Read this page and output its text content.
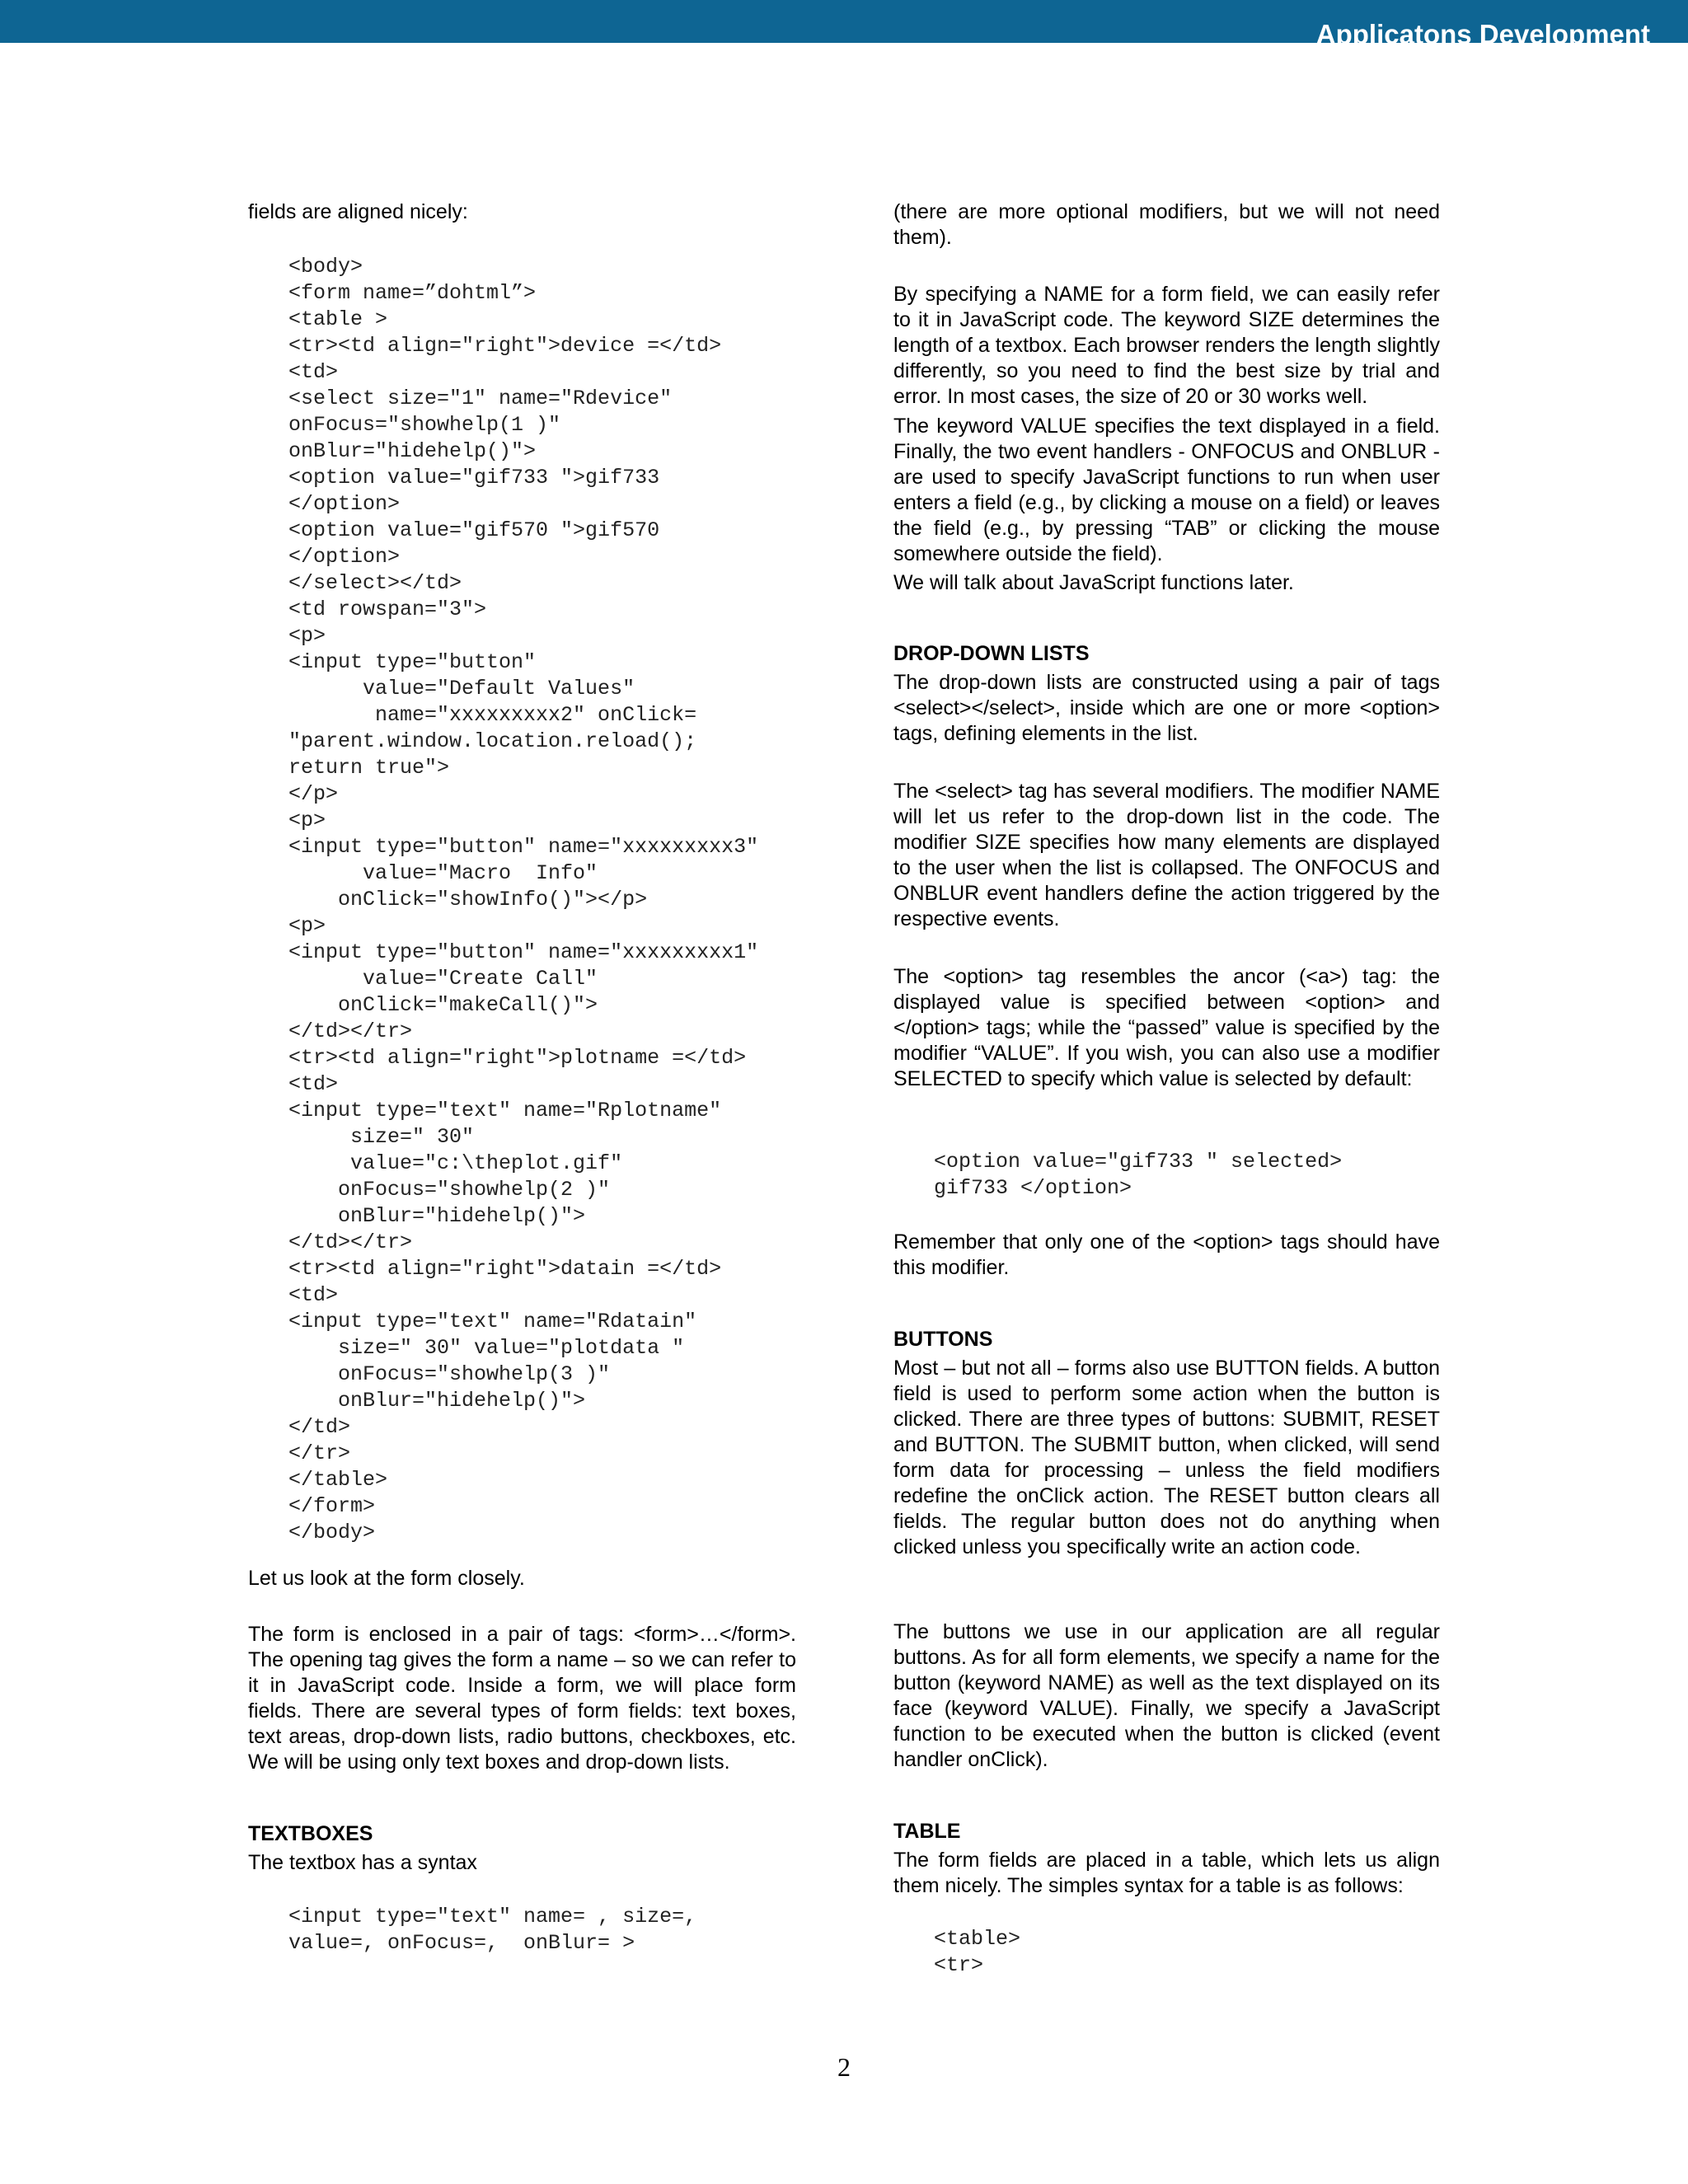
Applicatons Development

fields are aligned nicely:

<body>
<form name=”dohtml”>
<table >
<tr><td align="right">device =</td>
<td>
<select size="1" name="Rdevice"
onFocus="showhelp(1 )"
onBlur="hidehelp()">
<option value="gif733 ">gif733
</option>
<option value="gif570 ">gif570
</option>
</select></td>
<td rowspan="3">
<p>
<input type="button"
value="Default Values"
name="xxxxxxxxx2" onClick=
"parent.window.location.reload();
return true">
</p>
<p>
<input type="button" name="xxxxxxxxx3"
value="Macro  Info"
onClick="showInfo()"></p>
<p>
<input type="button" name="xxxxxxxxx1"
value="Create Call"
onClick="makeCall()">
</td></tr>
<tr><td align="right">plotname =</td>
<td>
<input type="text" name="Rplotname"
size=" 30"
value="c:\theplot.gif"
onFocus="showhelp(2 )"
onBlur="hidehelp()">
</td></tr>
<tr><td align="right">datain =</td>
<td>
<input type="text" name="Rdatain"
size=" 30" value="plotdata "
onFocus="showhelp(3 )"
onBlur="hidehelp()">
</td>
</tr>
</table>
</form>
</body>

Let us look at the form closely.

The form is enclosed in a pair of tags: <form>…</form>. The opening tag gives the form a name – so we can refer to it in JavaScript code. Inside a form, we will place form fields. There are several types of form fields: text boxes, text areas, drop-down lists, radio buttons, checkboxes, etc. We will be using only text boxes and drop-down lists.

TEXTBOXES

The textbox has a syntax

<input type="text" name= , size=,
value=, onFocus=,  onBlur= >

(there are more optional modifiers, but we will not need them).

By specifying a NAME for a form field, we can easily refer to it in JavaScript code. The keyword SIZE determines the length of a textbox. Each browser renders the length slightly differently, so you need to find the best size by trial and error. In most cases, the size of 20 or 30 works well.

The keyword VALUE specifies the text displayed in a field. Finally, the two event handlers - ONFOCUS and ONBLUR - are used to specify JavaScript functions to run when user enters a field (e.g., by clicking a mouse on a field) or leaves the field (e.g., by pressing “TAB” or clicking the mouse somewhere outside the field).

We will talk about JavaScript functions later.

DROP-DOWN LISTS

The drop-down lists are constructed using a pair of tags <select></select>, inside which are one or more <option> tags, defining elements in the list.

The <select> tag has several modifiers. The modifier NAME will let us refer to the drop-down list in the code. The modifier SIZE specifies how many elements are displayed to the user when the list is collapsed. The ONFOCUS and ONBLUR event handlers define the action triggered by the respective events.

The <option> tag resembles the ancor (<a>) tag: the displayed value is specified between <option> and </option> tags; while the “passed” value is specified by the modifier “VALUE”. If you wish, you can also use a modifier SELECTED to specify which value is selected by default:

<option value="gif733 " selected>
gif733 </option>

Remember that only one of the <option> tags should have this modifier.

BUTTONS

Most – but not all – forms also use BUTTON fields. A button field is used to perform some action when the button is clicked. There are three types of buttons: SUBMIT, RESET and BUTTON. The SUBMIT button, when clicked, will send form data for processing – unless the field modifiers redefine the onClick action. The RESET button clears all fields. The regular button does not do anything when clicked unless you specifically write an action code.

The buttons we use in our application are all regular buttons. As for all form elements, we specify a name for the button (keyword NAME) as well as the text displayed on its face (keyword VALUE). Finally, we specify a JavaScript function to be executed when the button is clicked (event handler onClick).

TABLE

The form fields are placed in a table, which lets us align them nicely. The simples syntax for a table is as follows:

<table>
<tr>
2
